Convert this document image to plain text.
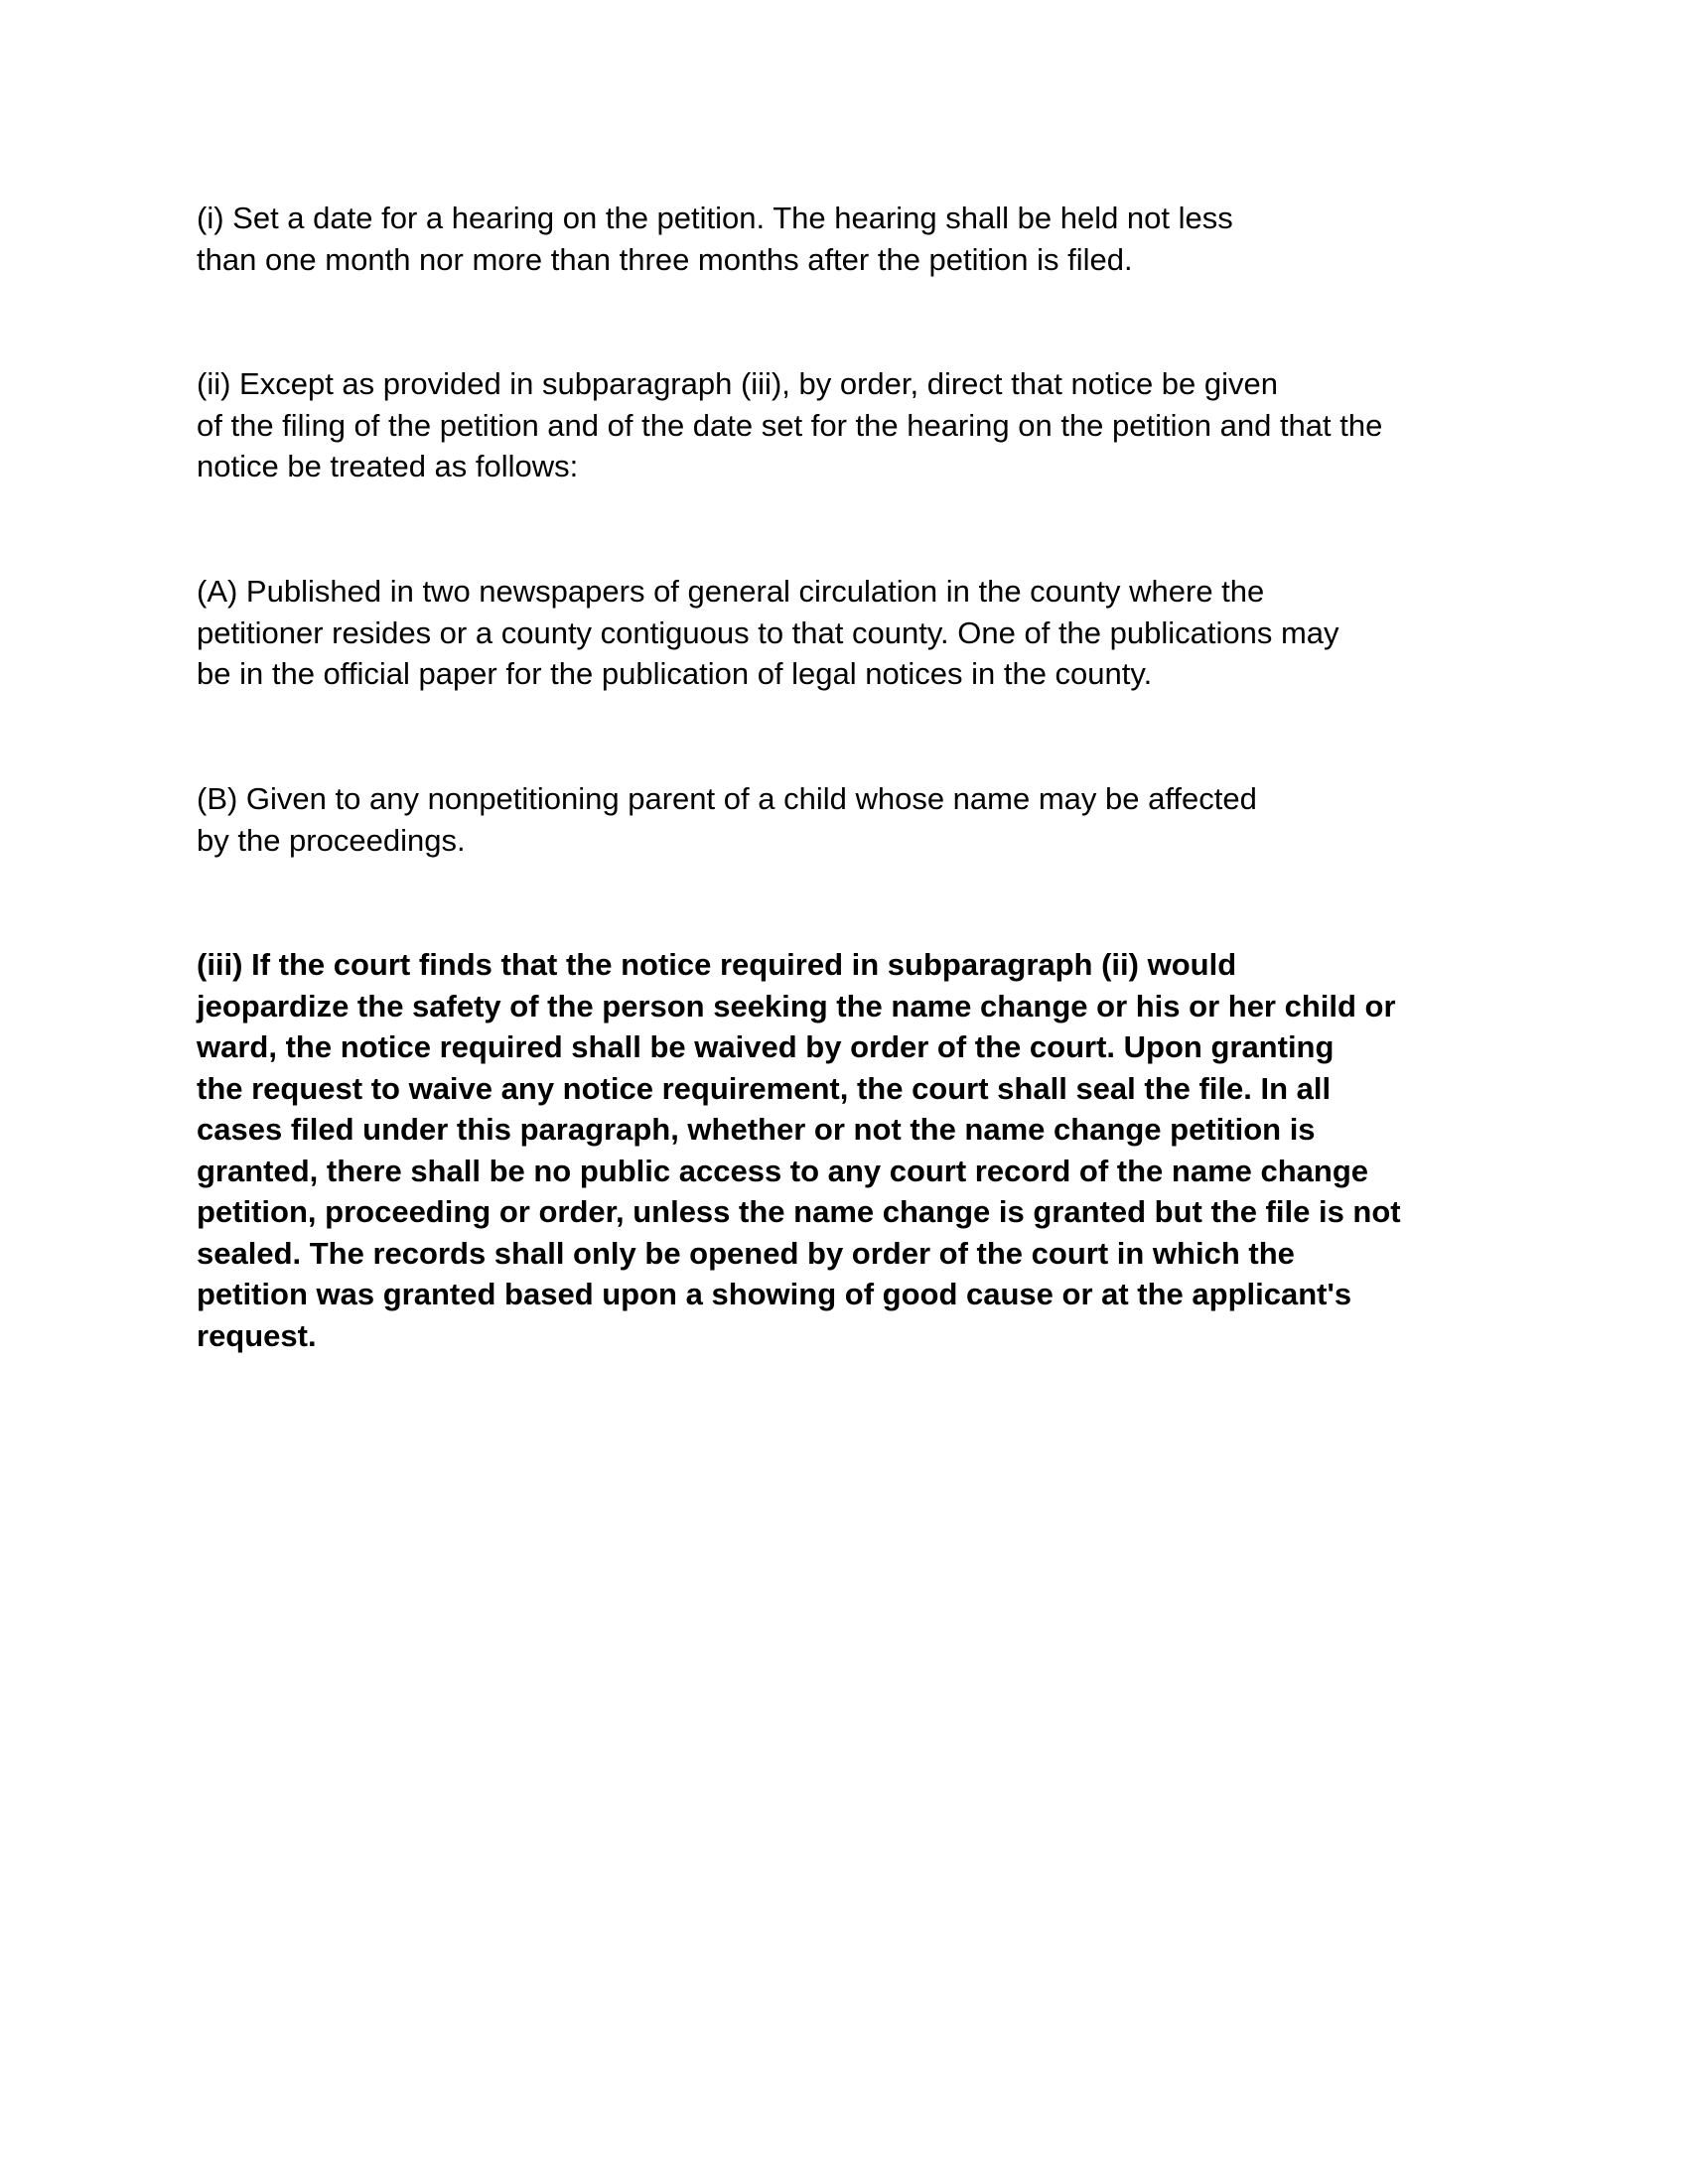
(i) Set a date for a hearing on the petition. The hearing shall be held not less
than one month nor more than three months after the petition is filed.

(ii) Except as provided in subparagraph (iii), by order, direct that notice be given
of the filing of the petition and of the date set for the hearing on the petition and that the
notice be treated as follows:

(A) Published in two newspapers of general circulation in the county where the
petitioner resides or a county contiguous to that county. One of the publications may
be in the official paper for the publication of legal notices in the county.

(B) Given to any nonpetitioning parent of a child whose name may be affected
by the proceedings.

(iii) If the court finds that the notice required in subparagraph (ii) would
jeopardize the safety of the person seeking the name change or his or her child or
ward, the notice required shall be waived by order of the court. Upon granting
the request to waive any notice requirement, the court shall seal the file. In all
cases filed under this paragraph, whether or not the name change petition is
granted, there shall be no public access to any court record of the name change
petition, proceeding or order, unless the name change is granted but the file is not
sealed. The records shall only be opened by order of the court in which the
petition was granted based upon a showing of good cause or at the applicant's
request.
